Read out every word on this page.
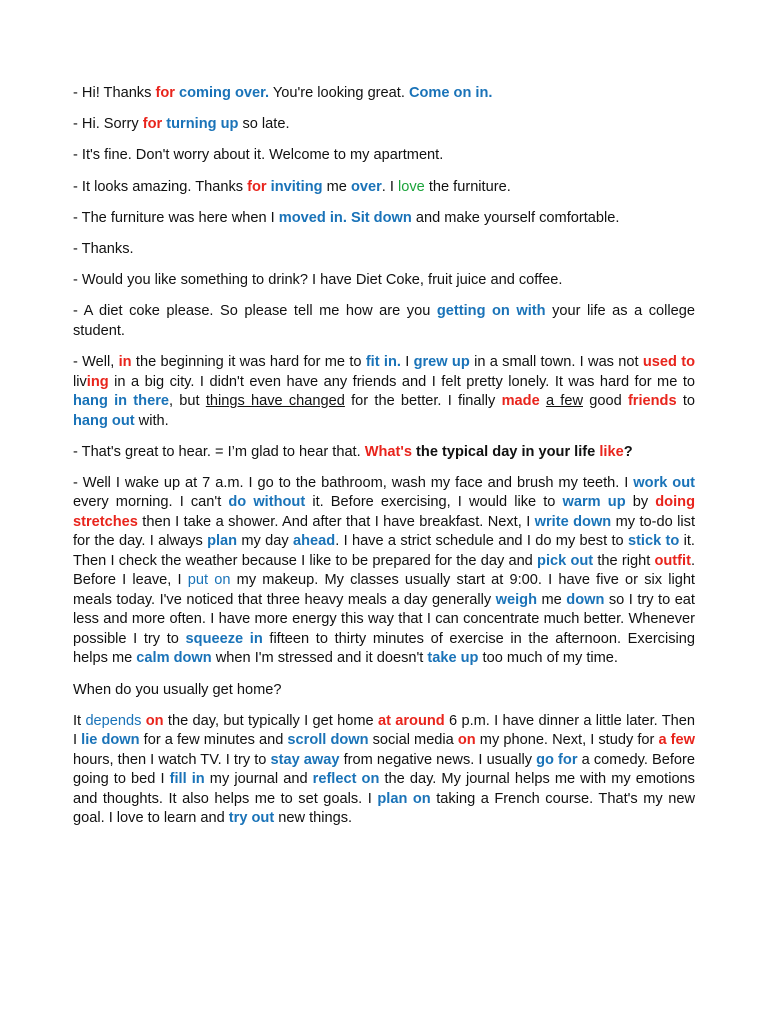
- Hi! Thanks for coming over. You're looking great. Come on in.

- Hi. Sorry for turning up so late.

- It's fine. Don't worry about it. Welcome to my apartment.

- It looks amazing. Thanks for inviting me over. I love the furniture.

- The furniture was here when I moved in. Sit down and make yourself comfortable.

- Thanks.

- Would you like something to drink? I have Diet Coke, fruit juice and coffee.

- A diet coke please. So please tell me how are you getting on with your life as a college student.

- Well, in the beginning it was hard for me to fit in. I grew up in a small town. I was not used to living in a big city. I didn't even have any friends and I felt pretty lonely. It was hard for me to hang in there, but things have changed for the better. I finally made a few good friends to hang out with.

- That's great to hear. = I’m glad to hear that. What's the typical day in your life like?

- Well I wake up at 7 a.m. I go to the bathroom, wash my face and brush my teeth. I work out every morning. I can't do without it. Before exercising, I would like to warm up by doing stretches then I take a shower. And after that I have breakfast. Next, I write down my to-do list for the day. I always plan my day ahead. I have a strict schedule and I do my best to stick to it. Then I check the weather because I like to be prepared for the day and pick out the right outfit. Before I leave, I put on my makeup. My classes usually start at 9:00. I have five or six light meals today. I've noticed that three heavy meals a day generally weigh me down so I try to eat less and more often. I have more energy this way that I can concentrate much better. Whenever possible I try to squeeze in fifteen to thirty minutes of exercise in the afternoon. Exercising helps me calm down when I'm stressed and it doesn't take up too much of my time.

When do you usually get home?

It depends on the day, but typically I get home at around 6 p.m. I have dinner a little later. Then I lie down for a few minutes and scroll down social media on my phone. Next, I study for a few hours, then I watch TV. I try to stay away from negative news. I usually go for a comedy. Before going to bed I fill in my journal and reflect on the day. My journal helps me with my emotions and thoughts. It also helps me to set goals. I plan on taking a French course. That's my new goal. I love to learn and try out new things.
